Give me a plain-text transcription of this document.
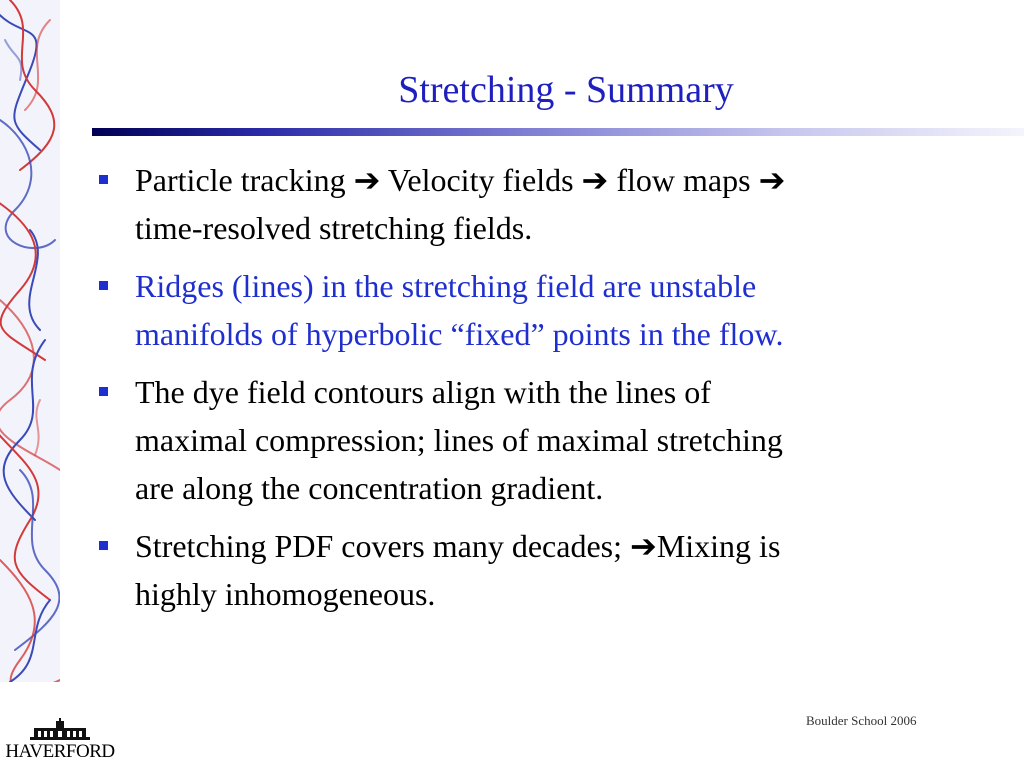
Stretching - Summary
Particle tracking ➔ Velocity fields ➔ flow maps ➔
time-resolved stretching fields.
Ridges (lines) in the stretching field are unstable
manifolds of hyperbolic “fixed” points in the flow.
The dye field contours align with the lines of
maximal compression; lines of maximal stretching
are along the concentration gradient.
Stretching PDF covers many decades; ➔Mixing is
highly inhomogeneous.
HAVERFORD
Boulder School 2006
